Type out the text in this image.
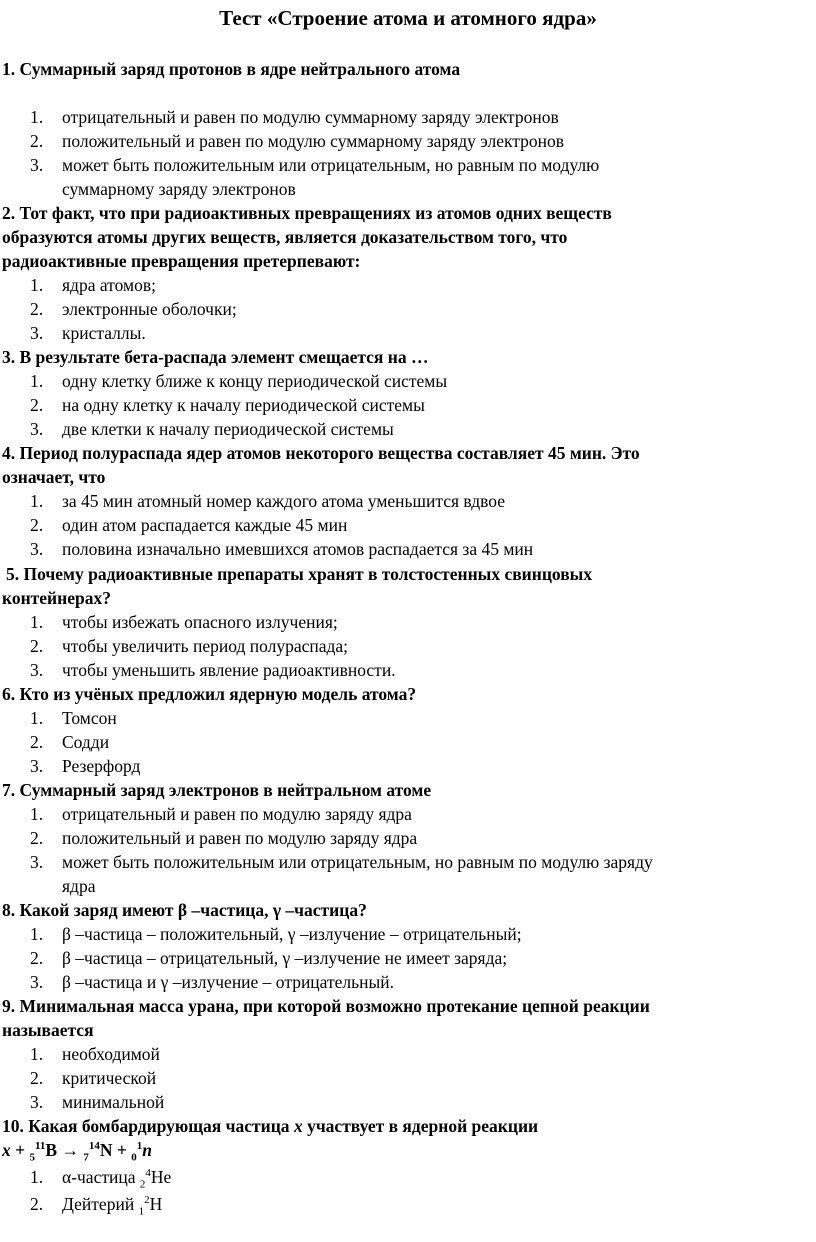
Тест «Строение атома и атомного ядра»
1. Суммарный заряд протонов в ядре нейтрального атома
1. отрицательный и равен по модулю суммарному заряду электронов
2. положительный и равен по модулю суммарному заряду электронов
3. может быть положительным или отрицательным, но равным по модулю
суммарному заряду электронов
2. Тот факт, что при радиоактивных превращениях из атомов одних веществ
образуются атомы других веществ, является доказательством того, что
радиоактивные превращения претерпевают:
1. ядра атомов;
2. электронные оболочки;
3. кристаллы.
3. В результате бета-распада элемент смещается на …
1. одну клетку ближе к концу периодической системы
2. на одну клетку к началу периодической системы
3. две клетки к началу периодической системы
4. Период полураспада ядер атомов некоторого вещества составляет 45 мин. Это
означает, что
1. за 45 мин атомный номер каждого атома уменьшится вдвое
2. один атом распадается каждые 45 мин
3. половина изначально имевшихся атомов распадается за 45 мин
5. Почему радиоактивные препараты хранят в толстостенных свинцовых
контейнерах?
1. чтобы избежать опасного излучения;
2. чтобы увеличить период полураспада;
3. чтобы уменьшить явление радиоактивности.
6. Кто из учёных предложил ядерную модель атома?
1. Томсон
2. Содди
3. Резерфорд
7. Суммарный заряд электронов в нейтральном атоме
1. отрицательный и равен по модулю заряду ядра
2. положительный и равен по модулю заряду ядра
3. может быть положительным или отрицательным, но равным по модулю заряду
ядра
8. Какой заряд имеют β –частица, γ –частица?
1. β –частица – положительный, γ –излучение – отрицательный;
2. β –частица – отрицательный, γ –излучение не имеет заряда;
3. β –частица и γ –излучение – отрицательный.
9. Минимальная масса урана, при которой возможно протекание цепной реакции
называется
1. необходимой
2. критической
3. минимальной
10. Какая бомбардирующая частица x участвует в ядерной реакции
x + $_5^{11}$B → $_7^{14}$N + $_0^1$n
1. α-частица $_2^4$He
2. Дейтерий $_1^2$H
